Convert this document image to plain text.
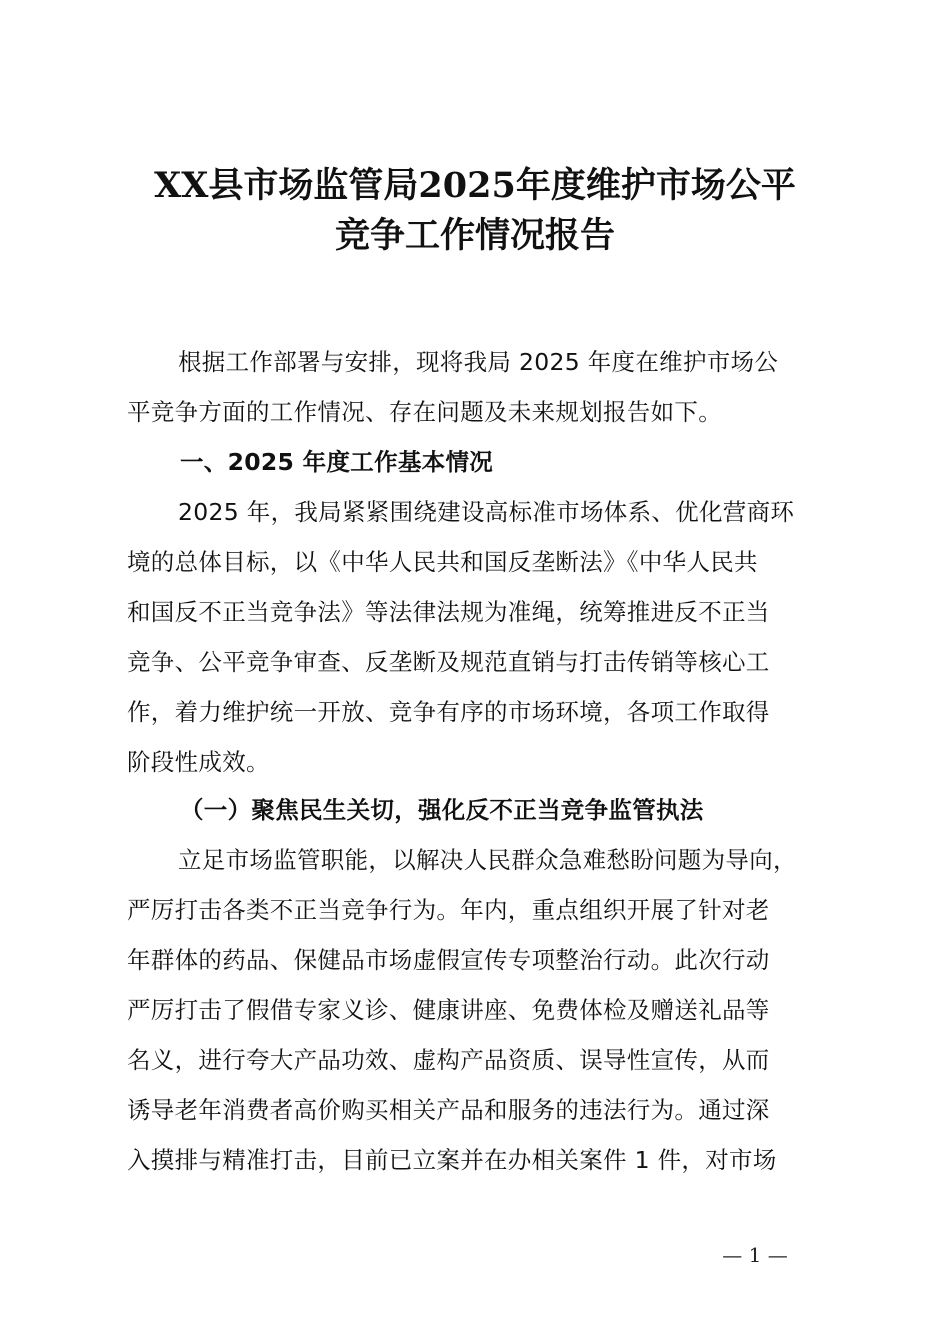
XX县市场监管局2025年度维护市场公平
竞争工作情况报告

根据工作部署与安排，现将我局 2025 年度在维护市场公

平竞争方面的工作情况、存在问题及未来规划报告如下。

一、2025 年度工作基本情况

2025 年，我局紧紧围绕建设高标准市场体系、优化营商环

境的总体目标，以《中华人民共和国反垄断法》《中华人民共

和国反不正当竞争法》等法律法规为准绳，统筹推进反不正当

竞争、公平竞争审查、反垄断及规范直销与打击传销等核心工

作，着力维护统一开放、竞争有序的市场环境，各项工作取得

阶段性成效。

（一）聚焦民生关切，强化反不正当竞争监管执法

立足市场监管职能，以解决人民群众急难愁盼问题为导向，

严厉打击各类不正当竞争行为。年内，重点组织开展了针对老

年群体的药品、保健品市场虚假宣传专项整治行动。此次行动

严厉打击了假借专家义诊、健康讲座、免费体检及赠送礼品等

名义，进行夸大产品功效、虚构产品资质、误导性宣传，从而

诱导老年消费者高价购买相关产品和服务的违法行为。通过深

入摸排与精准打击，目前已立案并在办相关案件 1 件，对市场

— 1 —
